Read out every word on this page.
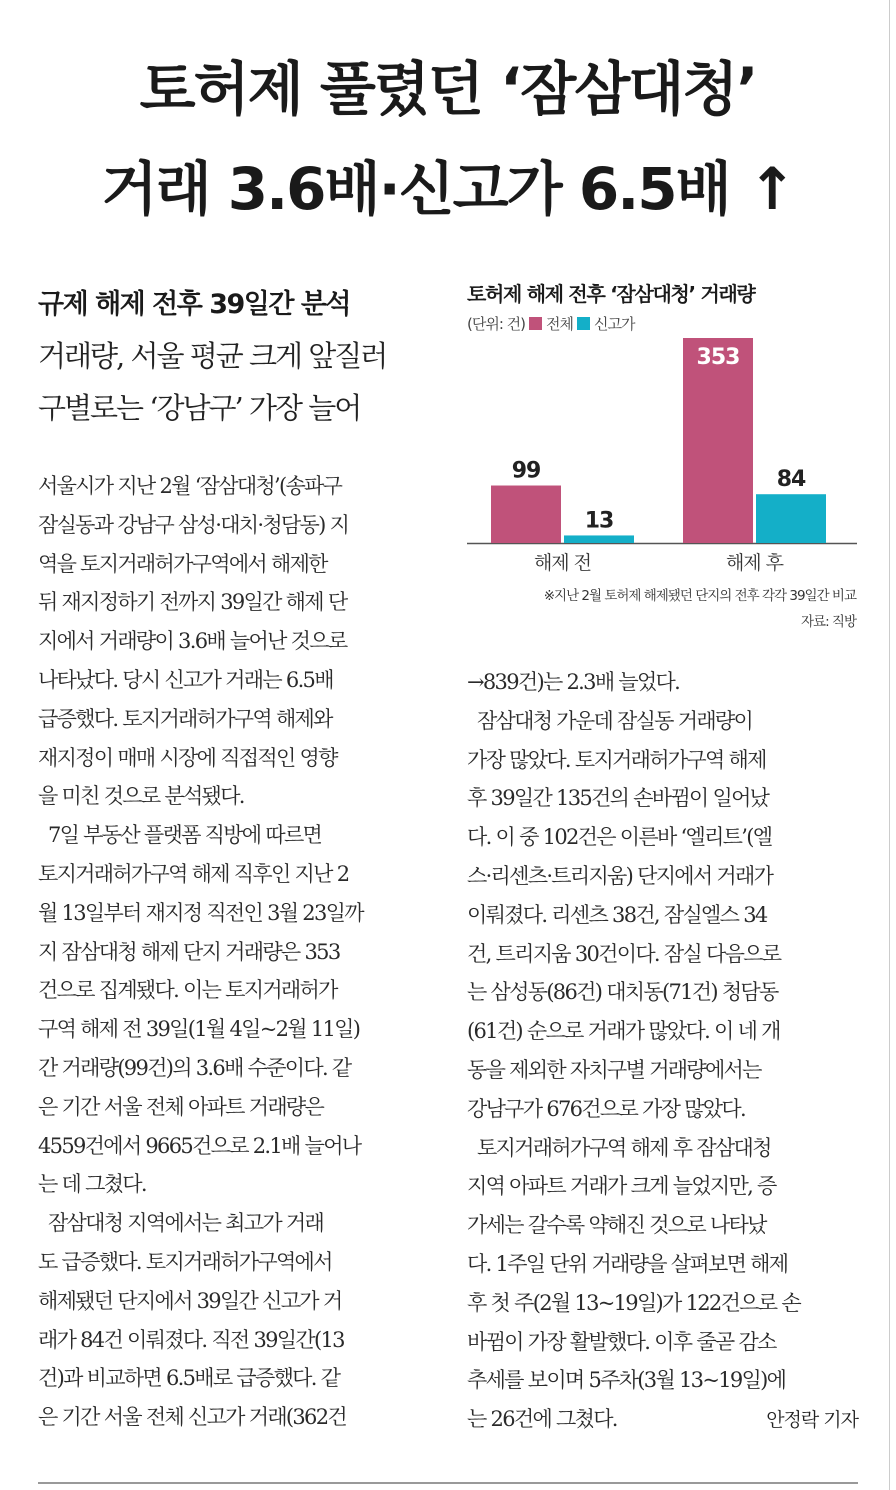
토허제 풀렸던 ‘잠삼대청’
거래 3.6배·신고가 6.5배 ↑
규제 해제 전후 39일간 분석
거래량, 서울 평균 크게 앞질러
구별로는 ‘강남구’ 가장 늘어
서울시가 지난 2월 ‘잠삼대청’(송파구
잠실동과 강남구 삼성·대치·청담동) 지
역을 토지거래허가구역에서 해제한
뒤 재지정하기 전까지 39일간 해제 단
지에서 거래량이 3.6배 늘어난 것으로
나타났다. 당시 신고가 거래는 6.5배
급증했다. 토지거래허가구역 해제와
재지정이 매매 시장에 직접적인 영향
을 미친 것으로 분석됐다.
7일 부동산 플랫폼 직방에 따르면
토지거래허가구역 해제 직후인 지난 2
월 13일부터 재지정 직전인 3월 23일까
지 잠삼대청 해제 단지 거래량은 353
건으로 집계됐다. 이는 토지거래허가
구역 해제 전 39일(1월 4일~2월 11일)
간 거래량(99건)의 3.6배 수준이다. 같
은 기간 서울 전체 아파트 거래량은
4559건에서 9665건으로 2.1배 늘어나
는 데 그쳤다.
잠삼대청 지역에서는 최고가 거래
도 급증했다. 토지거래허가구역에서
해제됐던 단지에서 39일간 신고가 거
래가 84건 이뤄졌다. 직전 39일간(13
건)과 비교하면 6.5배로 급증했다. 같
은 기간 서울 전체 신고가 거래(362건
→839건)는 2.3배 늘었다.
잠삼대청 가운데 잠실동 거래량이
가장 많았다. 토지거래허가구역 해제
후 39일간 135건의 손바뀜이 일어났
다. 이 중 102건은 이른바 ‘엘리트’(엘
스·리센츠·트리지움) 단지에서 거래가
이뤄졌다. 리센츠 38건, 잠실엘스 34
건, 트리지움 30건이다. 잠실 다음으로
는 삼성동(86건) 대치동(71건) 청담동
(61건) 순으로 거래가 많았다. 이 네 개
동을 제외한 자치구별 거래량에서는
강남구가 676건으로 가장 많았다.
토지거래허가구역 해제 후 잠삼대청
지역 아파트 거래가 크게 늘었지만, 증
가세는 갈수록 약해진 것으로 나타났
다. 1주일 단위 거래량을 살펴보면 해제
후 첫 주(2월 13~19일)가 122건으로 손
바뀜이 가장 활발했다. 이후 줄곧 감소
추세를 보이며 5주차(3월 13~19일)에
는 26건에 그쳤다.	안정락 기자
토허제 해제 전후 ‘잠삼대청’ 거래량
(단위: 건) 전체 신고가
99
13
해제 전
353
84
해제 후
※지난 2월 토허제 해제됐던 단지의 전후 각각 39일간 비교
자료: 직방
